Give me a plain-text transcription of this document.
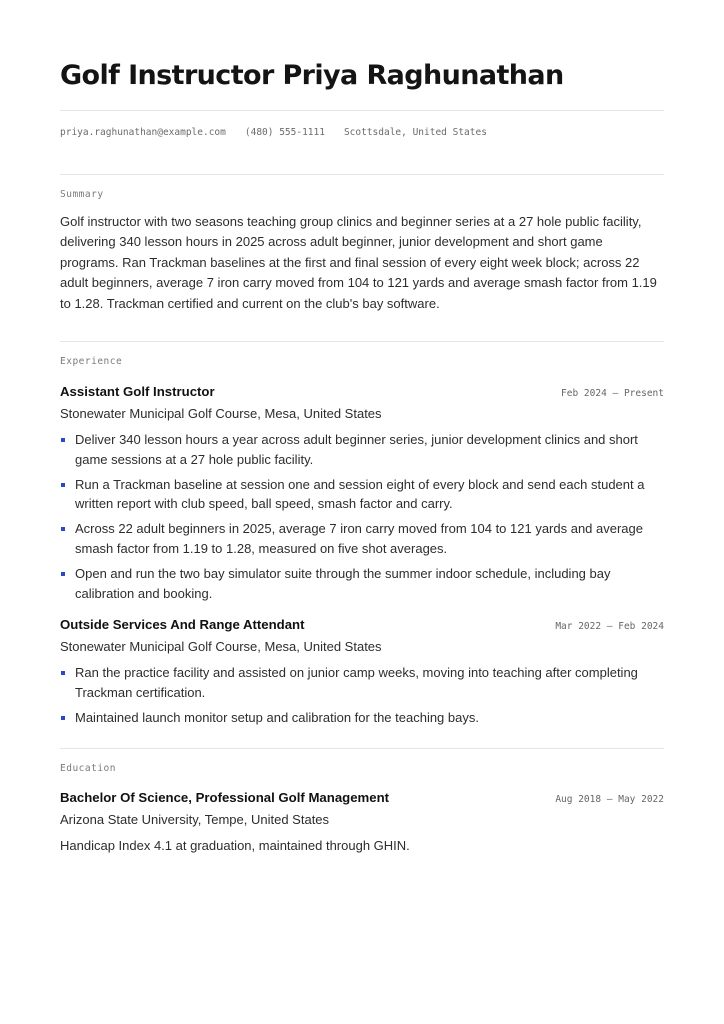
Golf Instructor Priya Raghunathan
priya.raghunathan@example.com (480) 555-1111 Scottsdale, United States
Summary

Golf instructor with two seasons teaching group clinics and beginner series at a 27 hole public facility, delivering 340 lesson hours in 2025 across adult beginner, junior development and short game programs. Ran Trackman baselines at the first and final session of every eight week block; across 22 adult beginners, average 7 iron carry moved from 104 to 121 yards and average smash factor from 1.19 to 1.28. Trackman certified and current on the club's bay software.

Experience
Assistant Golf Instructor	Feb 2024 — Present
Stonewater Municipal Golf Course, Mesa, United States
Deliver 340 lesson hours a year across adult beginner series, junior development clinics and short game sessions at a 27 hole public facility.
Run a Trackman baseline at session one and session eight of every block and send each student a written report with club speed, ball speed, smash factor and carry.
Across 22 adult beginners in 2025, average 7 iron carry moved from 104 to 121 yards and average smash factor from 1.19 to 1.28, measured on five shot averages.
Open and run the two bay simulator suite through the summer indoor schedule, including bay calibration and booking.
Outside Services And Range Attendant	Mar 2022 — Feb 2024
Stonewater Municipal Golf Course, Mesa, United States
Ran the practice facility and assisted on junior camp weeks, moving into teaching after completing Trackman certification.
Maintained launch monitor setup and calibration for the teaching bays.
Education
Bachelor Of Science, Professional Golf Management	Aug 2018 — May 2022
Arizona State University, Tempe, United States
Handicap Index 4.1 at graduation, maintained through GHIN.
